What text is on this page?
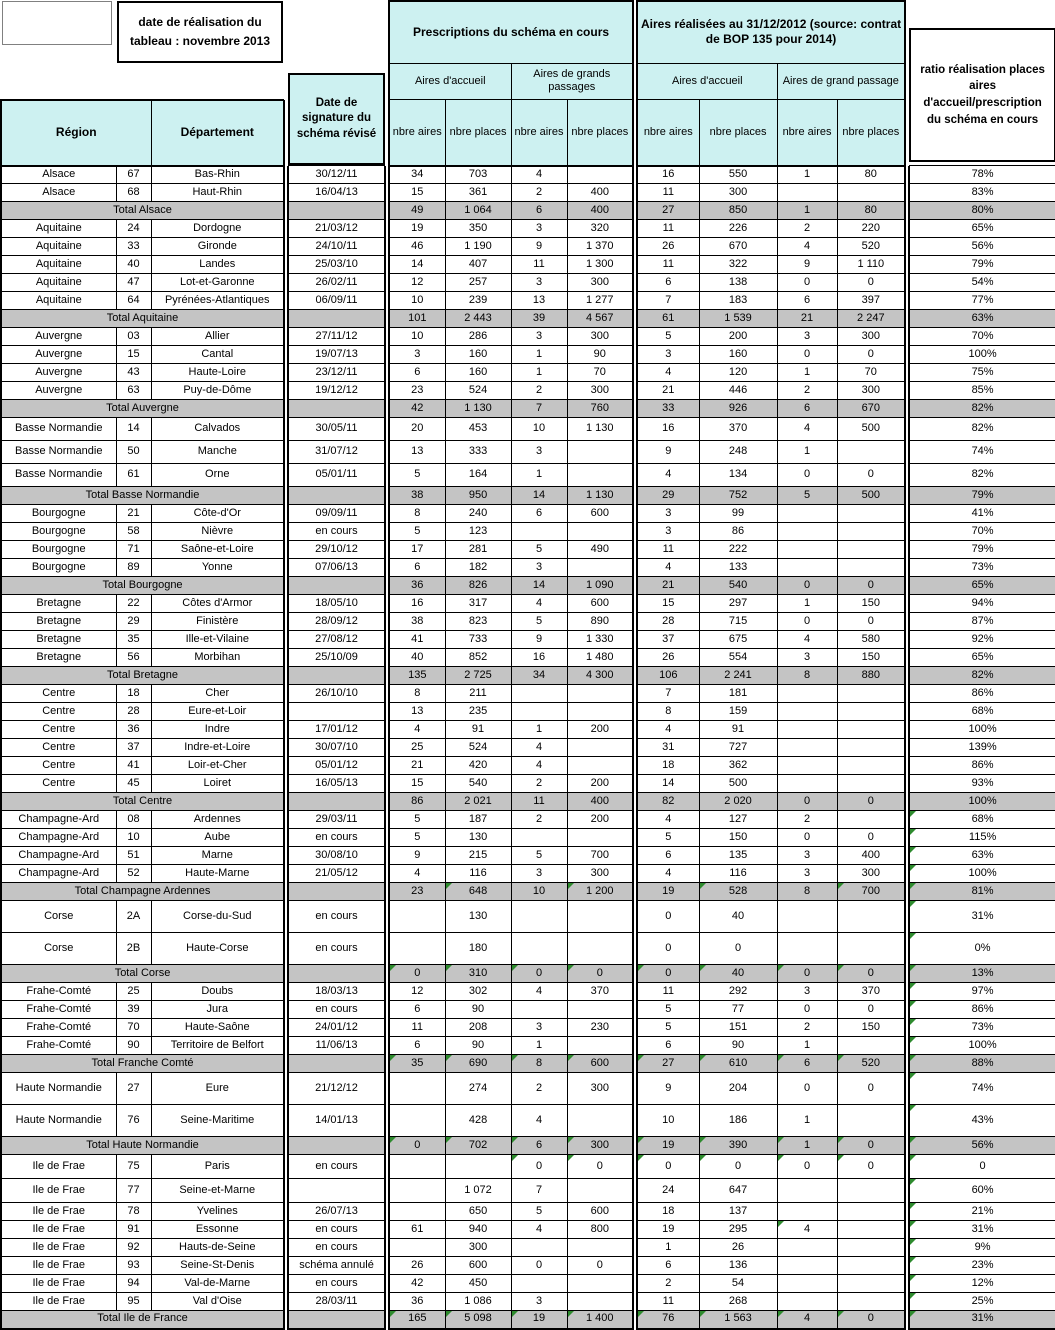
date de réalisation du tableau : novembre 2013					Prescriptions du schéma en cours					Aires réalisées au 31/12/2012 (source: contrat de BOP 135 pour 2014)					ratio réalisation places aires d'accueil/prescription du schéma en cours

Date de signature du schéma révisé		Aires d'accueil		Aires de grands passages			Aires d'accueil		Aires de grand passage			
Région		Département				nbre aires	nbre places	nbre aires	nbre places		nbre aires	nbre places	nbre aires	nbre places		
Alsace	67	Bas-Rhin		30/12/11		34	703	4			16	550	1	80		78%
Alsace	68	Haut-Rhin		16/04/13		15	361	2	400		11	300				83%
Total Alsace						49	1 064	6	400		27	850	1	80		80%
Aquitaine	24	Dordogne		21/03/12		19	350	3	320		11	226	2	220		65%
Aquitaine	33	Gironde		24/10/11		46	1 190	9	1 370		26	670	4	520		56%
Aquitaine	40	Landes		25/03/10		14	407	11	1 300		11	322	9	1 110		79%
Aquitaine	47	Lot-et-Garonne		26/02/11		12	257	3	300		6	138	0	0		54%
Aquitaine	64	Pyrénées-Atlantiques		06/09/11		10	239	13	1 277		7	183	6	397		77%
Total Aquitaine						101	2 443	39	4 567		61	1 539	21	2 247		63%
Auvergne	03	Allier		27/11/12		10	286	3	300		5	200	3	300		70%
Auvergne	15	Cantal		19/07/13		3	160	1	90		3	160	0	0		100%
Auvergne	43	Haute-Loire		23/12/11		6	160	1	70		4	120	1	70		75%
Auvergne	63	Puy-de-Dôme		19/12/12		23	524	2	300		21	446	2	300		85%
Total Auvergne						42	1 130	7	760		33	926	6	670		82%
Basse Normandie	14	Calvados		30/05/11		20	453	10	1 130		16	370	4	500		82%
Basse Normandie	50	Manche		31/07/12		13	333	3			9	248	1			74%
Basse Normandie	61	Orne		05/01/11		5	164	1			4	134	0	0		82%
Total Basse Normandie						38	950	14	1 130		29	752	5	500		79%
Bourgogne	21	Côte-d'Or		09/09/11		8	240	6	600		3	99				41%
Bourgogne	58	Nièvre		en cours		5	123				3	86				70%
Bourgogne	71	Saône-et-Loire		29/10/12		17	281	5	490		11	222				79%
Bourgogne	89	Yonne		07/06/13		6	182	3			4	133				73%
Total Bourgogne						36	826	14	1 090		21	540	0	0		65%
Bretagne	22	Côtes d'Armor		18/05/10		16	317	4	600		15	297	1	150		94%
Bretagne	29	Finistère		28/09/12		38	823	5	890		28	715	0	0		87%
Bretagne	35	Ille-et-Vilaine		27/08/12		41	733	9	1 330		37	675	4	580		92%
Bretagne	56	Morbihan		25/10/09		40	852	16	1 480		26	554	3	150		65%
Total Bretagne						135	2 725	34	4 300		106	2 241	8	880		82%
Centre	18	Cher		26/10/10		8	211				7	181				86%
Centre	28	Eure-et-Loir				13	235				8	159				68%
Centre	36	Indre		17/01/12		4	91	1	200		4	91				100%
Centre	37	Indre-et-Loire		30/07/10		25	524	4			31	727				139%
Centre	41	Loir-et-Cher		05/01/12		21	420	4			18	362				86%
Centre	45	Loiret		16/05/13		15	540	2	200		14	500				93%
Total Centre						86	2 021	11	400		82	2 020	0	0		100%
Champagne-Ard	08	Ardennes		29/03/11		5	187	2	200		4	127	2			68%
Champagne-Ard	10	Aube		en cours		5	130				5	150	0	0		115%
Champagne-Ard	51	Marne		30/08/10		9	215	5	700		6	135	3	400		63%
Champagne-Ard	52	Haute-Marne		21/05/12		4	116	3	300		4	116	3	300		100%
Total Champagne Ardennes						23	648	10	1 200		19	528	8	700		81%
Corse	2A	Corse-du-Sud		en cours			130				0	40				31%
Corse	2B	Haute-Corse		en cours			180				0	0				0%
Total Corse						0	310	0	0		0	40	0	0		13%
Frahe-Comté	25	Doubs		18/03/13		12	302	4	370		11	292	3	370		97%
Frahe-Comté	39	Jura		en cours		6	90				5	77	0	0		86%
Frahe-Comté	70	Haute-Saône		24/01/12		11	208	3	230		5	151	2	150		73%
Frahe-Comté	90	Territoire de Belfort		11/06/13		6	90	1			6	90	1			100%
Total Franche Comté						35	690	8	600		27	610	6	520		88%
Haute Normandie	27	Eure		21/12/12			274	2	300		9	204	0	0		74%
Haute Normandie	76	Seine-Maritime		14/01/13			428	4			10	186	1			43%
Total Haute Normandie						0	702	6	300		19	390	1	0		56%
Ile de Frae	75	Paris		en cours				0	0		0	0	0	0		0
Ile de Frae	77	Seine-et-Marne					1 072	7			24	647				60%
Ile de Frae	78	Yvelines		26/07/13			650	5	600		18	137				21%
Ile de Frae	91	Essonne		en cours		61	940	4	800		19	295	4			31%
Ile de Frae	92	Hauts-de-Seine		en cours			300				1	26				9%
Ile de Frae	93	Seine-St-Denis		schéma annulé		26	600	0	0		6	136				23%
Ile de Frae	94	Val-de-Marne		en cours		42	450				2	54				12%
Ile de Frae	95	Val d'Oise		28/03/11		36	1 086	3			11	268				25%
Total Ile de France						165	5 098	19	1 400		76	1 563	4	0		31%
